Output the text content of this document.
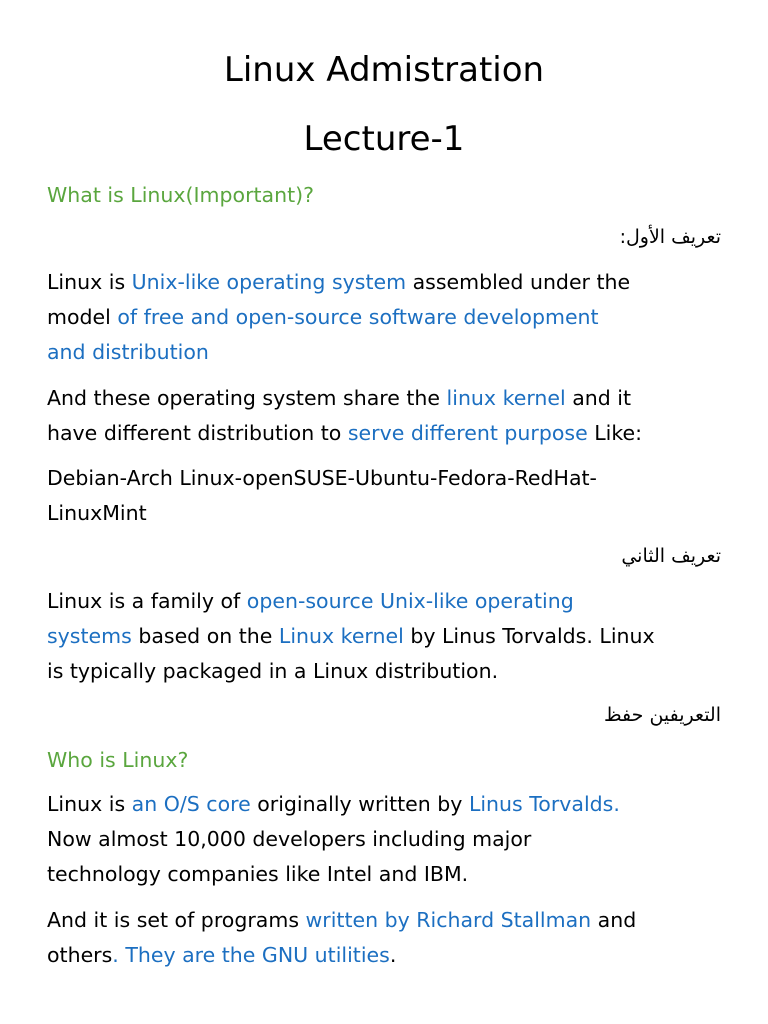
Linux Admistration
Lecture-1

What is Linux(Important)?

تعريف الأول:

Linux is Unix-like operating system assembled under the
model of free and open-source software development
and distribution
And these operating system share the linux kernel and it
have different distribution to serve different purpose Like:
Debian-Arch Linux-openSUSE-Ubuntu-Fedora-RedHat-
LinuxMint

تعريف الثاني

Linux is a family of open-source Unix-like operating
systems based on the Linux kernel by Linus Torvalds. Linux
is typically packaged in a Linux distribution.

التعريفين حفظ

Who is Linux?

Linux is an O/S core originally written by Linus Torvalds.
Now almost 10,000 developers including major
technology companies like Intel and IBM.
And it is set of programs written by Richard Stallman and
others. They are the GNU utilities.
